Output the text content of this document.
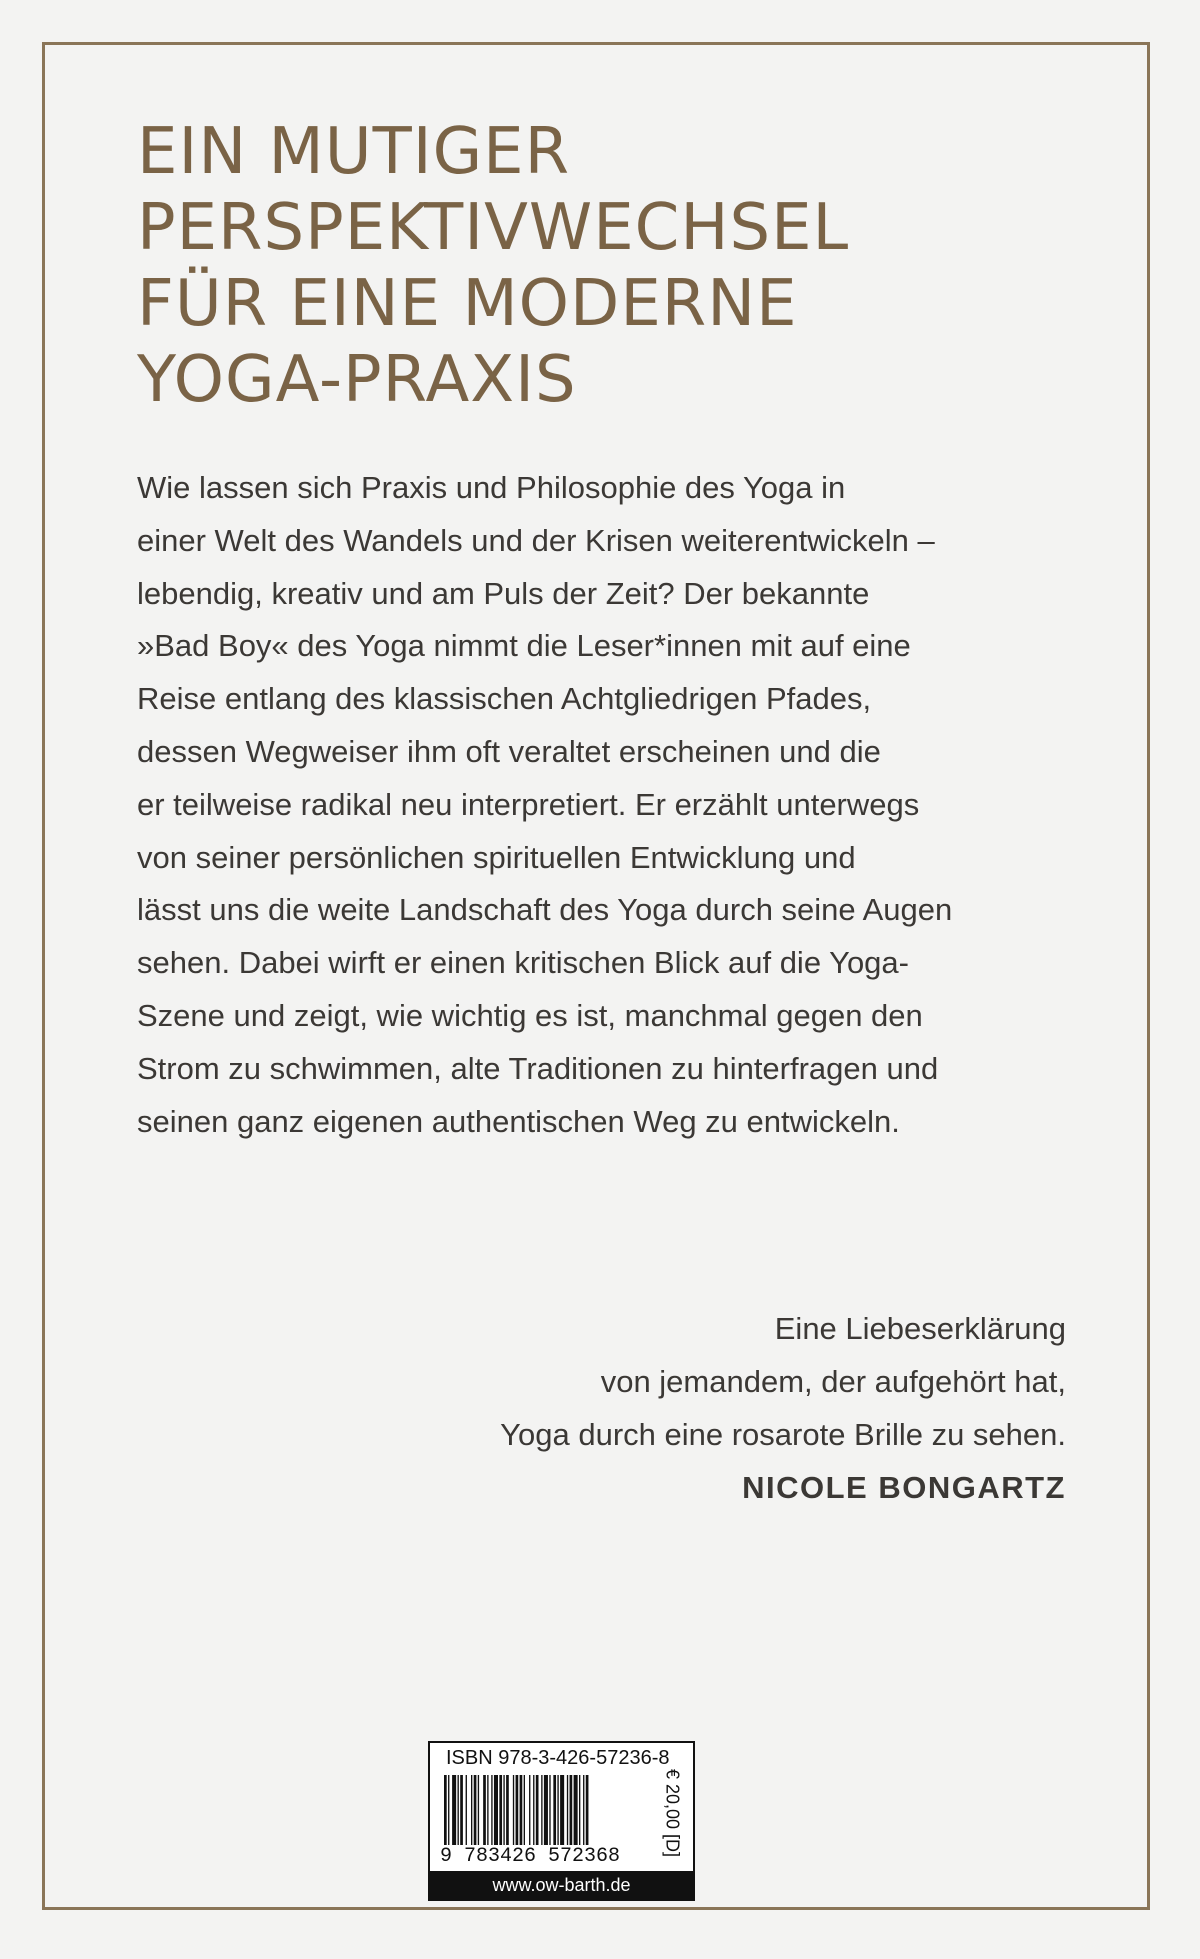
EIN MUTIGER
PERSPEKTIVWECHSEL
FÜR EINE MODERNE
YOGA-PRAXIS

Wie lassen sich Praxis und Philosophie des Yoga in
einer Welt des Wandels und der Krisen weiterentwickeln –
lebendig, kreativ und am Puls der Zeit? Der bekannte
»Bad Boy« des Yoga nimmt die Leser*innen mit auf eine
Reise entlang des klassischen Achtgliedrigen Pfades,
dessen Wegweiser ihm oft veraltet erscheinen und die
er teilweise radikal neu interpretiert. Er erzählt unterwegs
von seiner persönlichen spirituellen Entwicklung und
lässt uns die weite Landschaft des Yoga durch seine Augen
sehen. Dabei wirft er einen kritischen Blick auf die Yoga-
Szene und zeigt, wie wichtig es ist, manchmal gegen den
Strom zu schwimmen, alte Traditionen zu hinterfragen und
seinen ganz eigenen authentischen Weg zu entwickeln.

Eine Liebeserklärung
von jemandem, der aufgehört hat,
Yoga durch eine rosarote Brille zu sehen.
NICOLE BONGARTZ
ISBN 978-3-426-57236-8
9 783426 572368	€ 20,00 [D]
www.ow-barth.de
